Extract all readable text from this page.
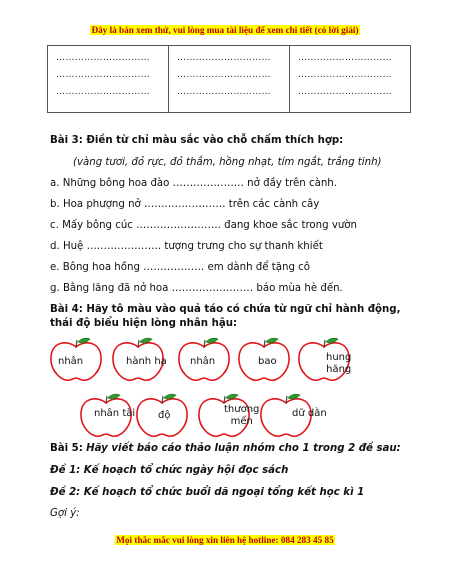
Đây là bản xem thử, vui lòng mua tài liệu để xem chi tiết (có lời giải)
…………………………
…………………………
…………………………

…………………………
…………………………
…………………………

…………………………
…………………………
…………………………
Bài 3: Điền từ chỉ màu sắc vào chỗ chấm thích hợp:
(vàng tươi, đỏ rực, đỏ thắm, hồng nhạt, tím ngắt, trắng tinh)
a. Những bông hoa đào ………………… nở đầy trên cành.
b. Hoa phượng nở …………………… trên các cành cây
c. Mấy bông cúc ……………………. đang khoe sắc trong vườn
d. Huệ …………………. tượng trưng cho sự thanh khiết
e. Bông hoa hồng ……………… em dành để tặng cô
g. Bằng lăng đã nở hoa …………………… báo mùa hè đến.
Bài 4: Hãy tô màu vào quả táo có chứa từ ngữ chỉ hành động,
thái độ biểu hiện lòng nhân hậu:
nhân	hành hạ nhân	bao	hung
hăng
nhân tài độ
thương
mến
dữ dằn
Bài 5: Hãy viết báo cáo thảo luận nhóm cho 1 trong 2 đề sau:
Đề 1: Kế hoạch tổ chức ngày hội đọc sách
Đề 2: Kế hoạch tổ chức buổi dã ngoại tổng kết học kì 1
Gợi ý:
Mọi thắc mắc vui lòng xin liên hệ hotline: 084 283 45 85
